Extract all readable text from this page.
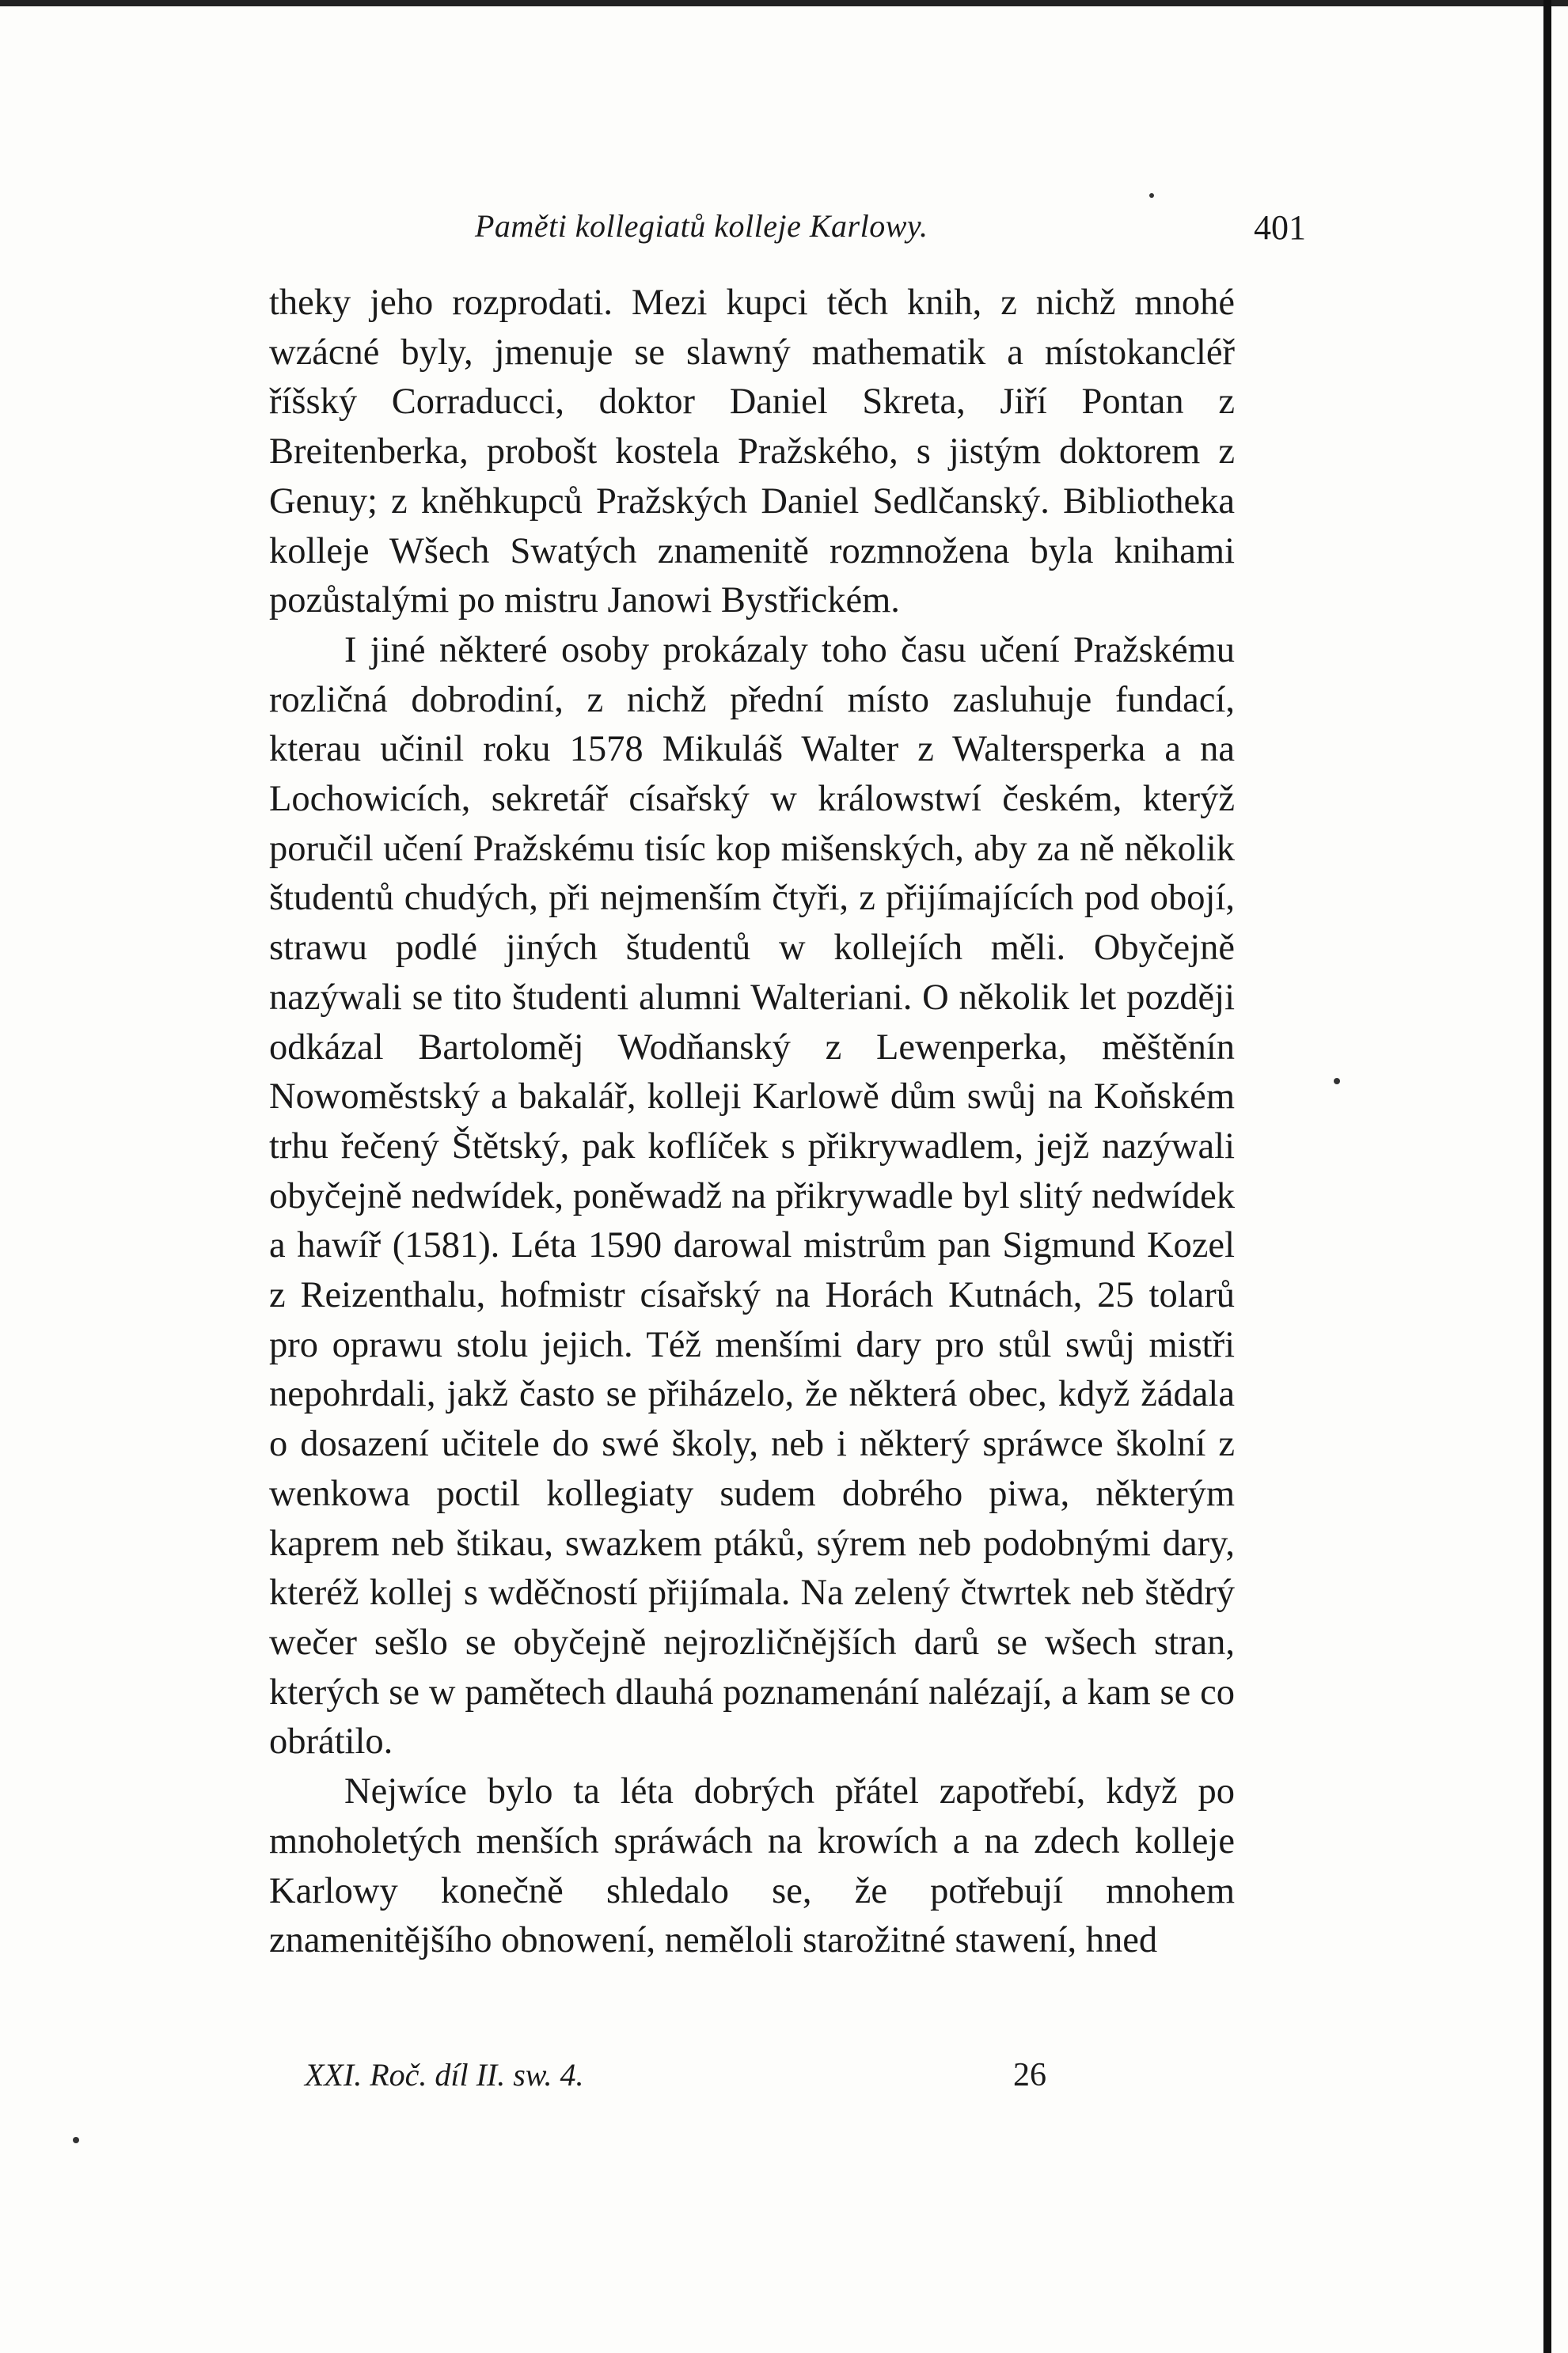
Paměti kollegiatů kolleje Karlowy.	401

theky jeho rozprodati. Mezi kupci těch knih, z nichž mnohé wzácné byly, jmenuje se slawný mathematik a místokancléř říšský Corraducci, doktor Daniel Skreta, Jiří Pontan z Breitenberka, probošt kostela Pražského, s jistým doktorem z Genuy; z kněhkupců Pražských Daniel Sedlčanský. Bibliotheka kolleje Wšech Swatých znamenitě rozmnožena byla knihami pozůstalými po mistru Janowi Bystřickém.

I jiné některé osoby prokázaly toho času učení Pražskému rozličná dobrodiní, z nichž přední místo zasluhuje fundací, kterau učinil roku 1578 Mikuláš Walter z Waltersperka a na Lochowicích, sekretář císařský w králowstwí českém, kterýž poručil učení Pražskému tisíc kop mišenských, aby za ně několik študentů chudých, při nejmenším čtyři, z přijímajících pod obojí, strawu podlé jiných študentů w kollejích měli. Obyčejně nazýwali se tito študenti alumni Walteriani. O několik let později odkázal Bartoloměj Wodňanský z Lewenperka, měštěnín Nowoměstský a bakalář, kolleji Karlowě dům swůj na Koňském trhu řečený Štětský, pak koflíček s přikrywadlem, jejž nazýwali obyčejně nedwídek, poněwadž na přikrywadle byl slitý nedwídek a hawíř (1581). Léta 1590 darowal mistrům pan Sigmund Kozel z Reizenthalu, hofmistr císařský na Horách Kutnách, 25 tolarů pro oprawu stolu jejich. Též menšími dary pro stůl swůj mistři nepohrdali, jakž často se přiházelo, že některá obec, když žádala o dosazení učitele do swé školy, neb i některý spráwce školní z wenkowa poctil kollegiaty sudem dobrého piwa, některým kaprem neb štikau, swazkem ptáků, sýrem neb podobnými dary, kteréž kollej s wděčností přijímala. Na zelený čtwrtek neb štědrý wečer sešlo se obyčejně nejrozličnějších darů se wšech stran, kterých se w pamětech dlauhá poznamenání nalézají, a kam se co obrátilo.

Nejwíce bylo ta léta dobrých přátel zapotřebí, když po mnoholetých menších spráwách na krowích a na zdech kolleje Karlowy konečně shledalo se, že potřebují mnohem znamenitějšího obnowení, neměloli starožitné stawení, hned

XXI. Roč. díl II. sw. 4.	26
